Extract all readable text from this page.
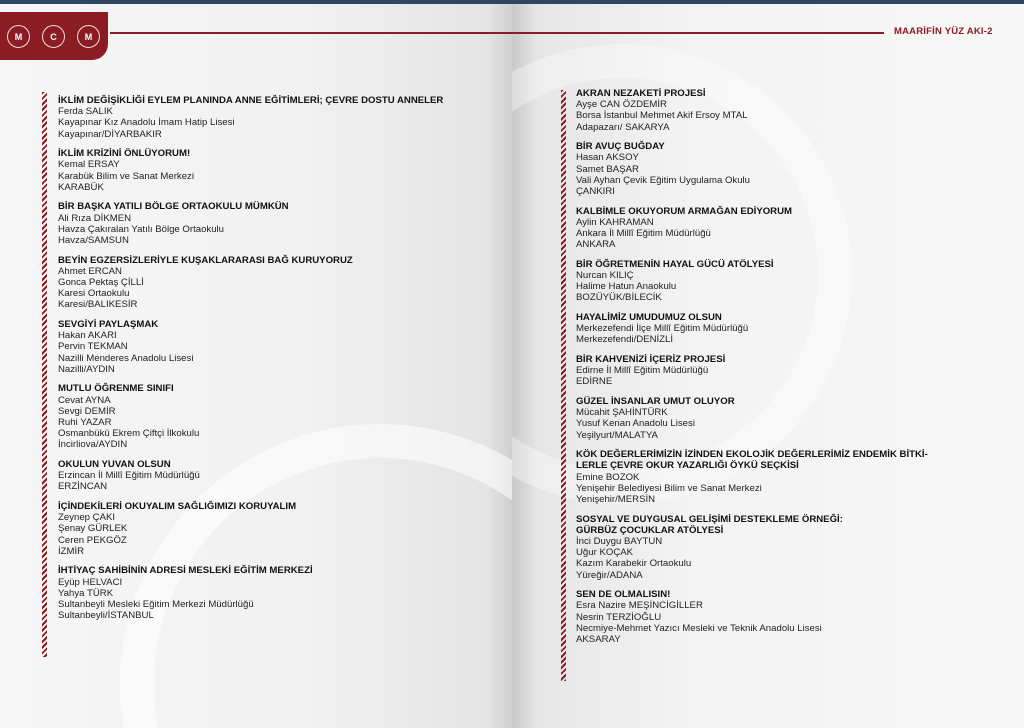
M	C	M
İKLİM DEĞİŞİKLİĞİ EYLEM PLANINDA ANNE EĞİTİMLERİ; ÇEVRE DOSTU ANNELER
Ferda SALIK
Kayapınar Kız Anadolu İmam Hatip Lisesi
Kayapınar/DİYARBAKIR
İKLİM KRİZİNİ ÖNLÜYORUM!
Kemal ERSAY
Karabük Bilim ve Sanat Merkezi
KARABÜK
BİR BAŞKA YATILI BÖLGE ORTAOKULU MÜMKÜN
Ali Rıza DİKMEN
Havza Çakıralan Yatılı Bölge Ortaokulu
Havza/SAMSUN
BEYİN EGZERSİZLERİYLE KUŞAKLARARASI BAĞ KURUYORUZ
Ahmet ERCAN
Gonca Pektaş ÇİLLİ
Karesi Ortaokulu
Karesi/BALIKESİR
SEVGİYİ PAYLAŞMAK
Hakan AKARI
Pervin TEKMAN
Nazilli Menderes Anadolu Lisesi
Nazilli/AYDIN
MUTLU ÖĞRENME SINIFI
Cevat AYNA
Sevgi DEMİR
Ruhi YAZAR
Osmanbükü Ekrem Çiftçi İlkokulu
İncirliova/AYDIN
OKULUN YUVAN OLSUN
Erzincan İl Millî Eğitim Müdürlüğü
ERZİNCAN
İÇİNDEKİLERİ OKUYALIM SAĞLIĞIMIZI KORUYALIM
Zeynep ÇAKI
Şenay GÜRLEK
Ceren PEKGÖZ
İZMİR
İHTİYAÇ SAHİBİNİN ADRESİ MESLEKİ EĞİTİM MERKEZİ
Eyüp HELVACI
Yahya TÜRK
Sultanbeyli Mesleki Eğitim Merkezi Müdürlüğü
Sultanbeyli/İSTANBUL
MAARİFİN YÜZ AKI-2
AKRAN NEZAKETİ PROJESİ
Ayşe CAN ÖZDEMİR
Borsa İstanbul Mehmet Akif Ersoy MTAL
Adapazarı/ SAKARYA
BİR AVUÇ BUĞDAY
Hasan AKSOY
Samet BAŞAR
Vali Ayhan Çevik Eğitim Uygulama Okulu
ÇANKIRI
KALBİMLE OKUYORUM ARMAĞAN EDİYORUM
Aylin KAHRAMAN
Ankara İl Millî Eğitim Müdürlüğü
ANKARA
BİR ÖĞRETMENİN HAYAL GÜCÜ ATÖLYESİ
Nurcan KILIÇ
Halime Hatun Anaokulu
BOZÜYÜK/BİLECİK
HAYALİMİZ UMUDUMUZ OLSUN
Merkezefendi İlçe Millî Eğitim Müdürlüğü
Merkezefendi/DENİZLİ
BİR KAHVENİZİ İÇERİZ PROJESİ
Edirne İl Millî Eğitim Müdürlüğü
EDİRNE
GÜZEL İNSANLAR UMUT OLUYOR
Mücahit ŞAHİNTÜRK
Yusuf Kenan Anadolu Lisesi
Yeşilyurt/MALATYA
KÖK DEĞERLERİMİZİN İZİNDEN EKOLOJİK DEĞERLERİMİZ ENDEMİK BİTKİ-
LERLE ÇEVRE OKUR YAZARLIĞI ÖYKÜ SEÇKİSİ
Emine BOZOK
Yenişehir Belediyesi Bilim ve Sanat Merkezi
Yenişehir/MERSİN
SOSYAL VE DUYGUSAL GELİŞİMİ DESTEKLEME ÖRNEĞİ:
GÜRBÜZ ÇOCUKLAR ATÖLYESİ
İnci Duygu BAYTUN
Uğur KOÇAK
Kazım Karabekir Ortaokulu
Yüreğir/ADANA
SEN DE OLMALISIN!
Esra Nazire MEŞİNCİGİLLER
Nesrin TERZİOĞLU
Necmiye-Mehmet Yazıcı Mesleki ve Teknik Anadolu Lisesi
AKSARAY
